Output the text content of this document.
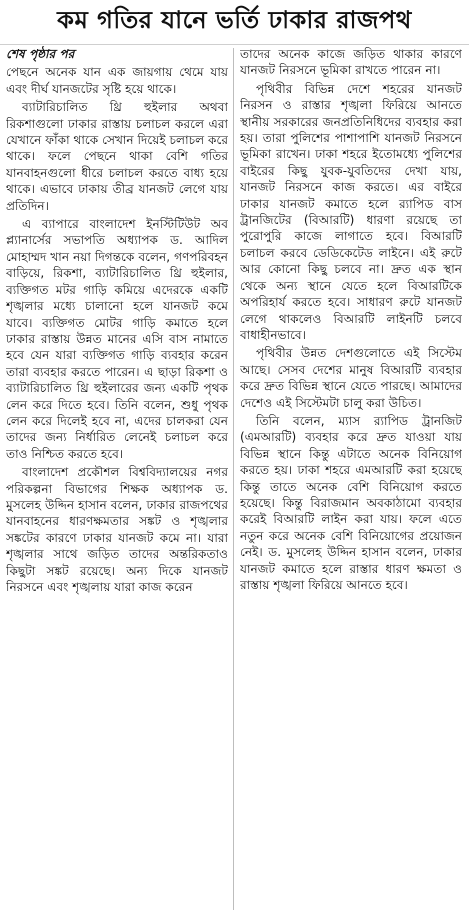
কম গতির যানে ভর্তি ঢাকার রাজপথ
শেষ পৃষ্ঠার পর

পেছনে অনেক যান এক জায়গায় থেমে যায় এবং দীর্ঘ যানজটের সৃষ্টি হয়ে থাকে।

ব্যাটারিচালিত থ্রি হুইলার অথবা রিকশাগুলো ঢাকার রাস্তায় চলাচল করলে এরা যেখানে ফাঁকা থাকে সেখান দিয়েই চলাচল করে থাকে। ফলে পেছনে থাকা বেশি গতির যানবাহনগুলো ধীরে চলাচল করতে বাধ্য হয়ে থাকে। এভাবে ঢাকায় তীব্র যানজট লেগে যায় প্রতিদিন।

এ ব্যাপারে বাংলাদেশ ইনস্টিটিউট অব প্ল্যানার্সের সভাপতি অধ্যাপক ড. আদিল মোহাম্মদ খান নয়া দিগন্তকে বলেন, গণপরিবহন বাড়িয়ে, রিকশা, ব্যাটারিচালিত থ্রি হুইলার, ব্যক্তিগত মটর গাড়ি কমিয়ে এদেরকে একটি শৃঙ্খলার মধ্যে চালানো হলে যানজট কমে যাবে। ব্যক্তিগত মোটর গাড়ি কমাতে হলে ঢাকার রাস্তায় উন্নত মানের এসি বাস নামাতে হবে যেন যারা ব্যক্তিগত গাড়ি ব্যবহার করেন তারা ব্যবহার করতে পারেন। এ ছাড়া রিকশা ও ব্যাটারিচালিত থ্রি হুইলারের জন্য একটি পৃথক লেন করে দিতে হবে। তিনি বলেন, শুধু পৃথক লেন করে দিলেই হবে না, এদের চালকরা যেন তাদের জন্য নির্ধারিত লেনেই চলাচল করে তাও নিশ্চিত করতে হবে।

বাংলাদেশ প্রকৌশল বিশ্ববিদ্যালয়ের নগর পরিকল্পনা বিভাগের শিক্ষক অধ্যাপক ড. মুসলেহ উদ্দিন হাসান বলেন, ঢাকার রাজপথের যানবাহনের ধারণক্ষমতার সঙ্কট ও শৃঙ্খলার সঙ্কটের কারণে ঢাকার যানজট কমে না। যারা শৃঙ্খলার সাথে জড়িত তাদের অন্তরিকতাও কিছুটা সঙ্কট রয়েছে। অন্য দিকে যানজট নিরসনে এবং শৃঙ্খলায় যারা কাজ করেন

তাদের অনেক কাজে জড়িত থাকার কারণে যানজট নিরসনে ভূমিকা রাখতে পারেন না।

পৃথিবীর বিভিন্ন দেশে শহরের যানজট নিরসন ও রাস্তার শৃঙ্খলা ফিরিয়ে আনতে স্থানীয় সরকারের জনপ্রতিনিধিদের ব্যবহার করা হয়। তারা পুলিশের পাশাপাশি যানজট নিরসনে ভূমিকা রাখেন। ঢাকা শহরে ইতোমধ্যে পুলিশের বাইরের কিছু যুবক-যুবতিদের দেখা যায়, যানজট নিরসনে কাজ করতে। এর বাইরে ঢাকার যানজট কমাতে হলে র‌্যাপিড বাস ট্রানজিটের (বিআরটি) ধারণা রয়েছে তা পুরোপুরি কাজে লাগাতে হবে। বিআরটি চলাচল করবে ডেডিকেটেড লাইনে। এই রুটে আর কোনো কিছু চলবে না। দ্রুত এক স্থান থেকে অন্য স্থানে যেতে হলে বিআরটিকে অপরিহার্য করতে হবে। সাধারণ রুটে যানজট লেগে থাকলেও বিআরটি লাইনটি চলবে বাধাহীনভাবে।

পৃথিবীর উন্নত দেশগুলোতে এই সিস্টেম আছে। সেসব দেশের মানুষ বিআরটি ব্যবহার করে দ্রুত বিভিন্ন স্থানে যেতে পারছে। আমাদের দেশেও এই সিস্টেমটা চালু করা উচিত।

তিনি বলেন, ম্যাস র‌্যাপিড ট্রানজিট (এমআরটি) ব্যবহার করে দ্রুত যাওয়া যায় বিভিন্ন স্থানে কিন্তু এটাতে অনেক বিনিয়োগ করতে হয়। ঢাকা শহরে এমআরটি করা হয়েছে কিন্তু তাতে অনেক বেশি বিনিয়োগ করতে হয়েছে। কিন্তু বিরাজমান অবকাঠামো ব্যবহার করেই বিআরটি লাইন করা যায়। ফলে এতে নতুন করে অনেক বেশি বিনিয়োগের প্রয়োজন নেই। ড. মুসলেহ উদ্দিন হাসান বলেন, ঢাকার যানজট কমাতে হলে রাস্তার ধারণ ক্ষমতা ও রাস্তায় শৃঙ্খলা ফিরিয়ে আনতে হবে।
